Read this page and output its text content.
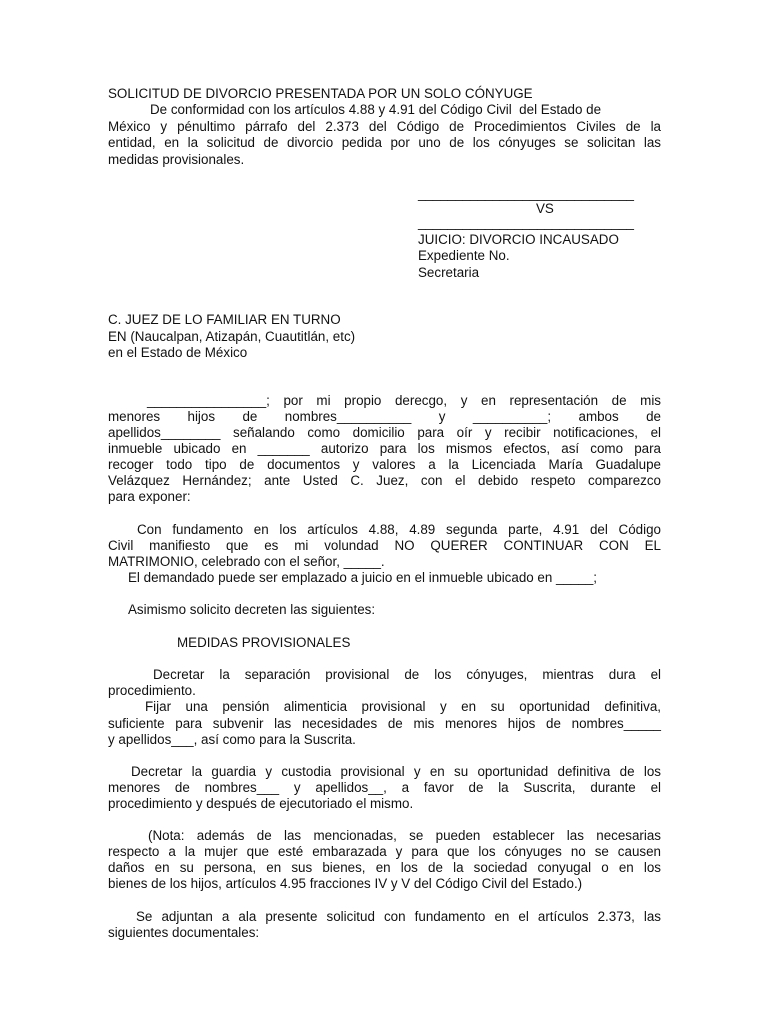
SOLICITUD DE DIVORCIO PRESENTADA POR UN SOLO CÓNYUGE
De conformidad con los artículos 4.88 y 4.91 del Código Civil  del Estado de
México y pénultimo párrafo del 2.373 del Código de Procedimientos Civiles de la
entidad, en la solicitud de divorcio pedida por uno de los cónyuges se solicitan las
medidas provisionales.
_____________________________
VS
_____________________________
JUICIO: DIVORCIO INCAUSADO
Expediente No.
Secretaria
C. JUEZ DE LO FAMILIAR EN TURNO
EN (Naucalpan, Atizapán, Cuautitlán, etc)
en el Estado de México
________________; por mi propio derecgo, y en representación de mis
menores hijos de nombres__________ y __________; ambos de
apellidos________ señalando como domicilio para oír y recibir notificaciones, el
inmueble ubicado en _______ autorizo para los mismos efectos, así como para
recoger todo tipo de documentos y valores a la Licenciada María Guadalupe
Velázquez Hernández; ante Usted C. Juez, con el debido respeto comparezco
para exponer:
Con fundamento en los artículos 4.88, 4.89 segunda parte, 4.91 del Código
Civil manifiesto que es mi volundad NO QUERER CONTINUAR CON EL
MATRIMONIO, celebrado con el señor, _____.
El demandado puede ser emplazado a juicio en el inmueble ubicado en _____;
Asimismo solicito decreten las siguientes:
MEDIDAS PROVISIONALES
Decretar la separación provisional de los cónyuges, mientras dura el
procedimiento.
Fijar una pensión alimenticia provisional y en su oportunidad definitiva,
suficiente para subvenir las necesidades de mis menores hijos de nombres_____
y apellidos___, así como para la Suscrita.
Decretar la guardia y custodia provisional y en su oportunidad definitiva de los
menores de nombres___ y apellidos__, a favor de la Suscrita, durante el
procedimiento y después de ejecutoriado el mismo.
(Nota: además de las mencionadas, se pueden establecer las necesarias
respecto a la mujer que esté embarazada y para que los cónyuges no se causen
daños en su persona, en sus bienes, en los de la sociedad conyugal o en los
bienes de los hijos, artículos 4.95 fracciones IV y V del Código Civil del Estado.)
Se adjuntan a ala presente solicitud con fundamento en el artículos 2.373, las
siguientes documentales:
